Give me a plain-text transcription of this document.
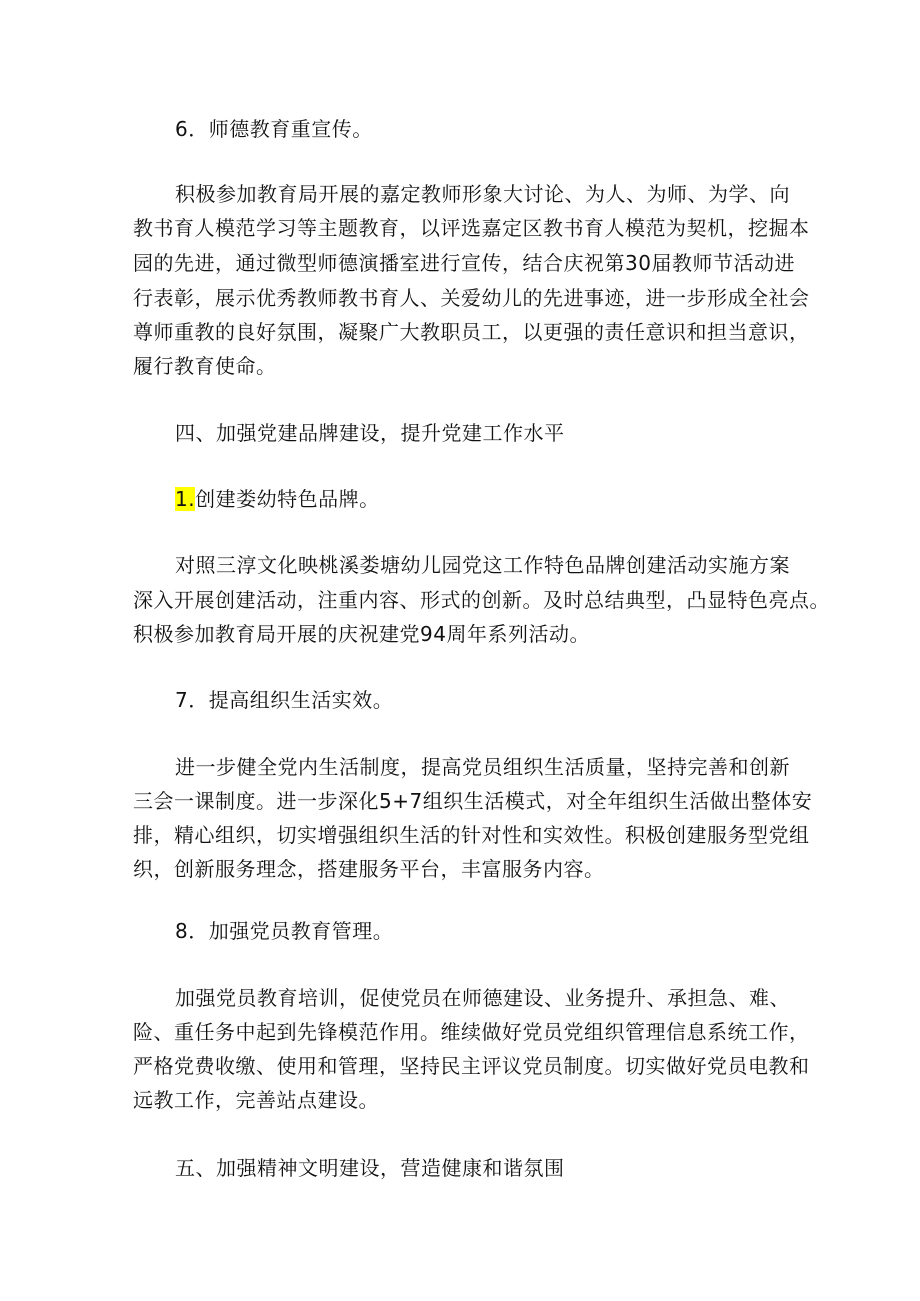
6．师德教育重宣传。
积极参加教育局开展的嘉定教师形象大讨论、为人、为师、为学、向
教书育人模范学习等主题教育，以评选嘉定区教书育人模范为契机，挖掘本
园的先进，通过微型师德演播室进行宣传，结合庆祝第30届教师节活动进
行表彰，展示优秀教师教书育人、关爱幼儿的先进事迹，进一步形成全社会
尊师重教的良好氛围，凝聚广大教职员工，以更强的责任意识和担当意识，
履行教育使命。
四、加强党建品牌建设，提升党建工作水平
1.创建娄幼特色品牌。
对照三淳文化映桃溪娄塘幼儿园党这工作特色品牌创建活动实施方案
深入开展创建活动，注重内容、形式的创新。及时总结典型，凸显特色亮点。
积极参加教育局开展的庆祝建党94周年系列活动。
7．提高组织生活实效。
进一步健全党内生活制度，提高党员组织生活质量，坚持完善和创新
三会一课制度。进一步深化5+7组织生活模式，对全年组织生活做出整体安
排，精心组织，切实增强组织生活的针对性和实效性。积极创建服务型党组
织，创新服务理念，搭建服务平台，丰富服务内容。
8．加强党员教育管理。
加强党员教育培训，促使党员在师德建设、业务提升、承担急、难、
险、重任务中起到先锋模范作用。维续做好党员党组织管理信息系统工作，
严格党费收缴、使用和管理，坚持民主评议党员制度。切实做好党员电教和
远教工作，完善站点建设。
五、加强精神文明建设，营造健康和谐氛围
